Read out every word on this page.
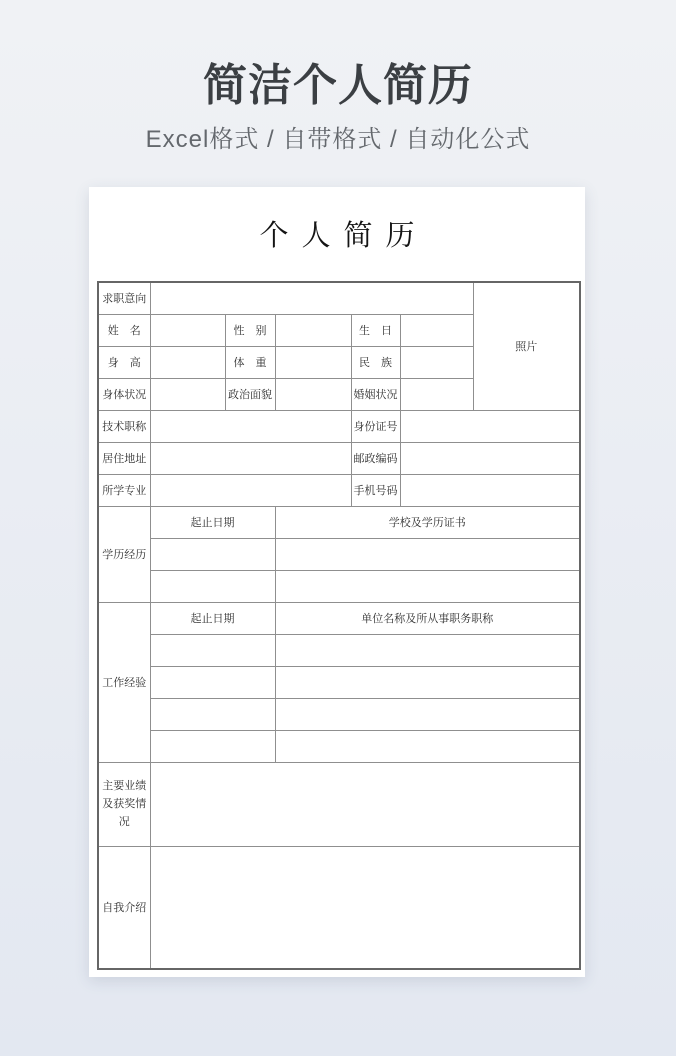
简洁个人简历
Excel格式 / 自带格式 / 自动化公式
个人简历
求职意向						照片
姓　名		性　别		生　日		
身　高		体　重		民　族		
身体状况		政治面貌		婚姻状况		
技术职称				身份证号		
居住地址				邮政编码		
所学专业				手机号码		
学历经历	起止日期		学校及学历证书			

工作经验	起止日期		单位名称及所从事职务职称			

主要业绩及获奖情况						
自我介绍						
